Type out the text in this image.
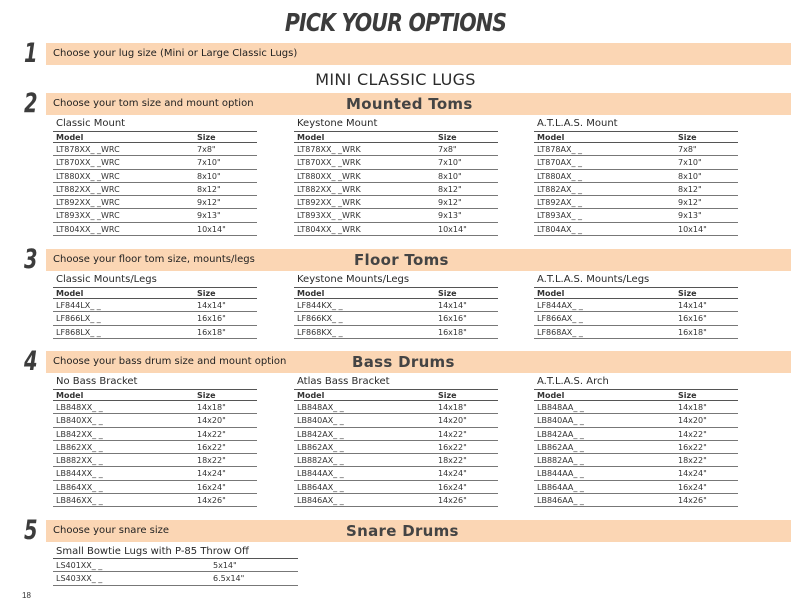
PICK YOUR OPTIONS
1 Choose your lug size (Mini or Large Classic Lugs)
MINI CLASSIC LUGS
2 Choose your tom size and mount option	Mounted Toms
Classic Mount
Model	Size
LT878XX_ _WRC	7x8"
LT870XX_ _WRC	7x10"
LT880XX_ _WRC	8x10"
LT882XX_ _WRC	8x12"
LT892XX_ _WRC	9x12"
LT893XX_ _WRC	9x13"
LT804XX_ _WRC	10x14"
Keystone Mount
Model	Size
LT878XX_ _WRK	7x8"
LT870XX_ _WRK	7x10"
LT880XX_ _WRK	8x10"
LT882XX_ _WRK	8x12"
LT892XX_ _WRK	9x12"
LT893XX_ _WRK	9x13"
LT804XX_ _WRK	10x14"
A.T.L.A.S. Mount
Model	Size
LT878AX_ _	7x8"
LT870AX_ _	7x10"
LT880AX_ _	8x10"
LT882AX_ _	8x12"
LT892AX_ _	9x12"
LT893AX_ _	9x13"
LT804AX_ _	10x14"
3 Choose your floor tom size, mounts/legs	Floor Toms
Classic Mounts/Legs
Model	Size
LF844LX_ _	14x14"
LF866LX_ _	16x16"
LF868LX_ _	16x18"
Keystone Mounts/Legs
Model	Size
LF844KX_ _	14x14"
LF866KX_ _	16x16"
LF868KX_ _	16x18"
A.T.L.A.S. Mounts/Legs
Model	Size
LF844AX_ _	14x14"
LF866AX_ _	16x16"
LF868AX_ _	16x18"
4 Choose your bass drum size and mount option	Bass Drums
No Bass Bracket
Model	Size
LB848XX_ _	14x18"
LB840XX_ _	14x20"
LB842XX_ _	14x22"
LB862XX_ _	16x22"
LB882XX_ _	18x22"
LB844XX_ _	14x24"
LB864XX_ _	16x24"
LB846XX_ _	14x26"
Atlas Bass Bracket
Model	Size
LB848AX_ _	14x18"
LB840AX_ _	14x20"
LB842AX_ _	14x22"
LB862AX_ _	16x22"
LB882AX_ _	18x22"
LB844AX_ _	14x24"
LB864AX_ _	16x24"
LB846AX_ _	14x26"
A.T.L.A.S. Arch
Model	Size
LB848AA_ _	14x18"
LB840AA_ _	14x20"
LB842AA_ _	14x22"
LB862AA_ _	16x22"
LB882AA_ _	18x22"
LB844AA_ _	14x24"
LB864AA_ _	16x24"
LB846AA_ _	14x26"
5 Choose your snare size	Snare Drums
Small Bowtie Lugs with P-85 Throw Off
LS401XX_ _	5x14"
LS403XX_ _	6.5x14"
18
